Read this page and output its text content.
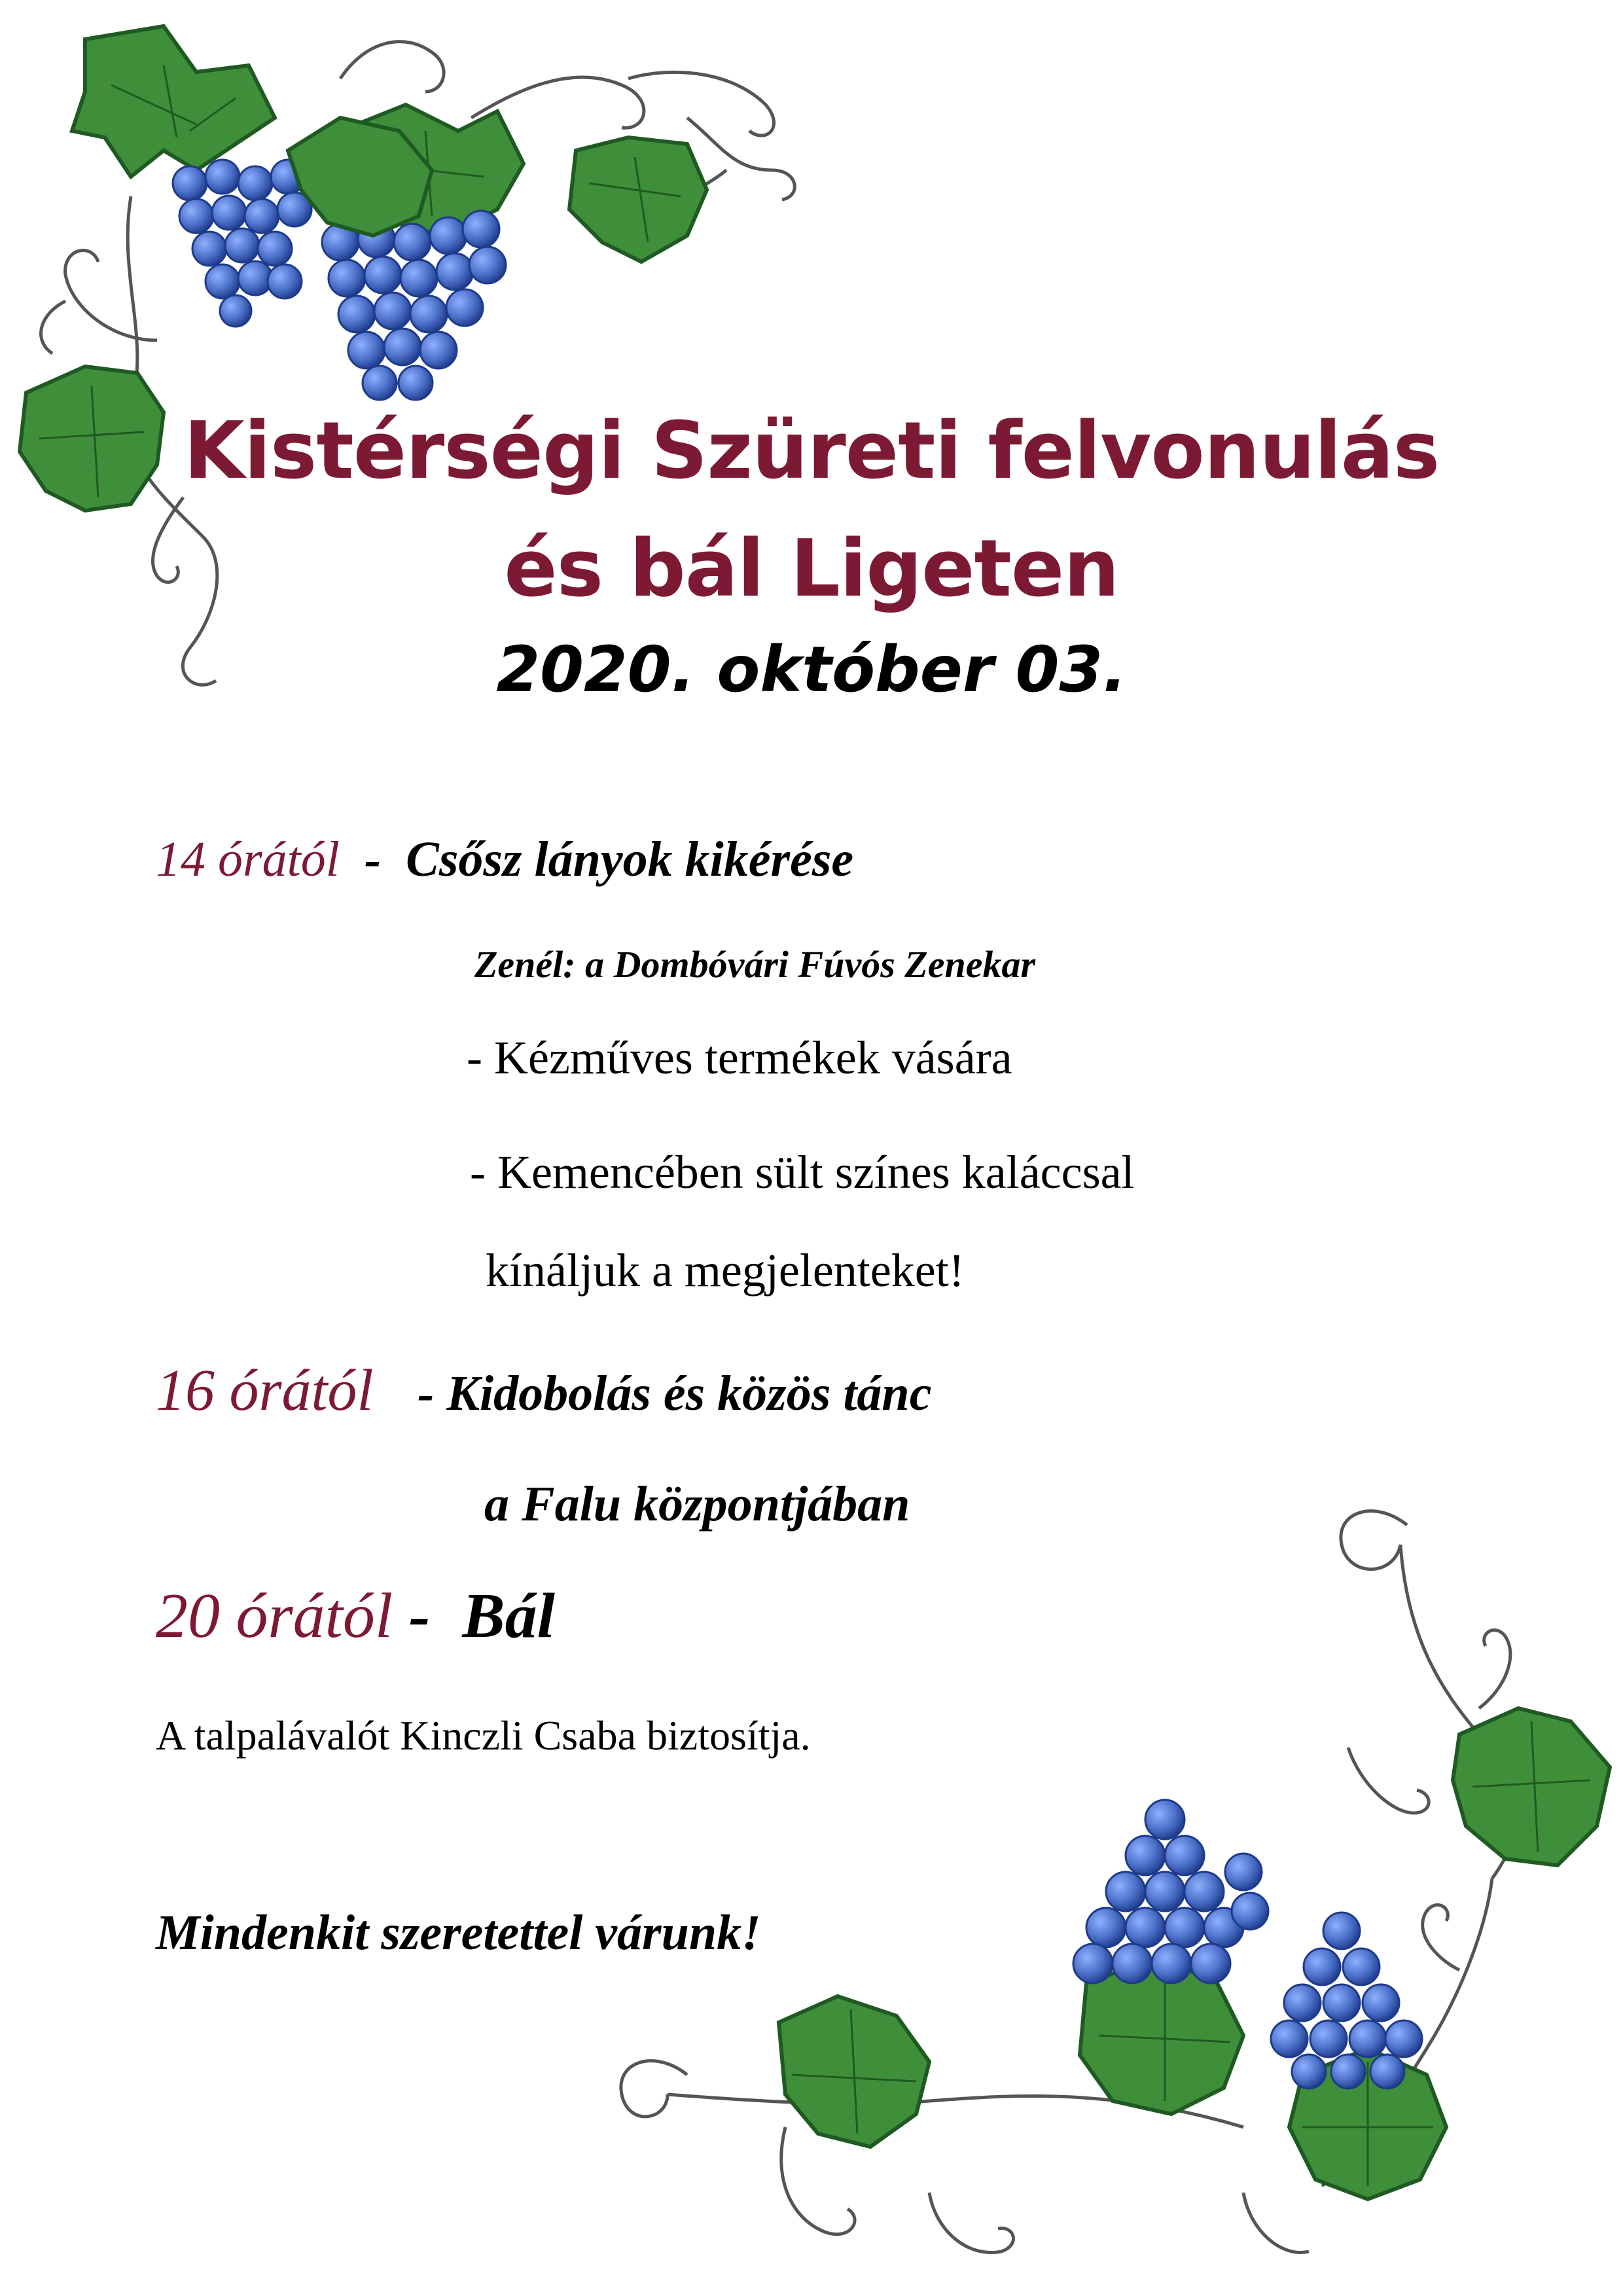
Kistérségi Szüreti felvonulás
és bál Ligeten
2020. október 03.
14 órától - Csősz lányok kikérése
Zenél: a Dombóvári Fúvós Zenekar
- Kézműves termékek vására
- Kemencében sült színes kaláccsal
kínáljuk a megjelenteket!
16 órától - Kidobolás és közös tánc
a Falu központjában
20 órától - Bál
A talpalávalót Kinczli Csaba biztosítja.
Mindenkit szeretettel várunk!
